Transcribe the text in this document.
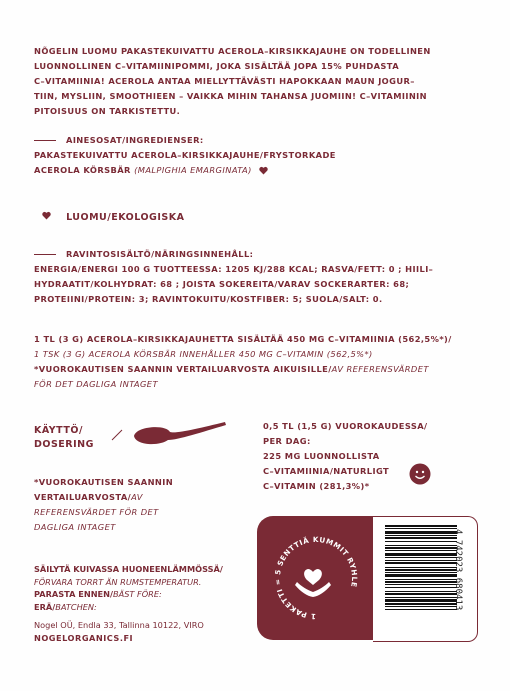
NÕGELIN LUOMU PAKASTEKUIVATTU ACEROLA–KIRSIKKAJAUHE ON TODELLINEN
LUONNOLLINEN C–VITAMIINIPOMMI, JOKA SISÄLTÄÄ JOPA 15% PUHDASTA
C–VITAMIINIA! ACEROLA ANTAA MIELLYTTÄVÄSTI HAPOKKAAN MAUN JOGUR–
TIIN, MYSLIIN, SMOOTHIEEN – VAIKKA MIHIN TAHANSA JUOMIIN! C–VITAMIININ
PITOISUUS ON TARKISTETTU.
AINESOSAT/INGREDIENSER:
PAKASTEKUIVATTU ACEROLA–KIRSIKKAJAUHE/FRYSTORKADE
ACEROLA KÖRSBÄR (MALPIGHIA EMARGINATA)
LUOMU/EKOLOGISKA
RAVINTOSISÄLTÖ/NÄRINGSINNEHÅLL:
ENERGIA/ENERGI 100 G TUOTTEESSA: 1205 KJ/288 KCAL; RASVA/FETT: 0 ; HIILI–
HYDRAATIT/KOLHYDRAT: 68 ; JOISTA SOKEREITA/VARAV SOCKERARTER: 68;
PROTEIINI/PROTEIN: 3; RAVINTOKUITU/KOSTFIBER: 5; SUOLA/SALT: 0.
1 TL (3 G) ACEROLA–KIRSIKKAJAUHETTA SISÄLTÄÄ 450 MG C–VITAMIINIA (562,5%*)/
1 TSK (3 G) ACEROLA KÖRSBÄR INNEHÅLLER 450 MG C–VITAMIN (562,5%*)
*VUOROKAUTISEN SAANNIN VERTAILUARVOSTA AIKUISILLE/AV REFERENSVÄRDET
FÖR DET DAGLIGA INTAGET
KÄYTTÖ/
DOSERING
0,5 TL (1,5 G) VUOROKAUDESSA/
PER DAG:
225 MG LUONNOLLISTA
C–VITAMIINIA/NATURLIGT
C–VITAMIN (281,3%)*
*VUOROKAUTISEN SAANNIN
VERTAILUARVOSTA/AV
REFERENSVÄRDET FÖR DET
DAGLIGA INTAGET
SÄILYTÄ KUIVASSA HUONEENLÄMMÖSSÄ/
FÖRVARA TORRT ÄN RUMSTEMPERATUR.
PARASTA ENNEN/BÄST FÖRE:
ERÄ/BATCHEN:
Nogel OÜ, Endla 33, Tallinna 10122, VIRO
NOGELORGANICS.FI
1 PAKETTI = 5 SENTTIÄ KUMMIT RYHLE	4 742023 680413
